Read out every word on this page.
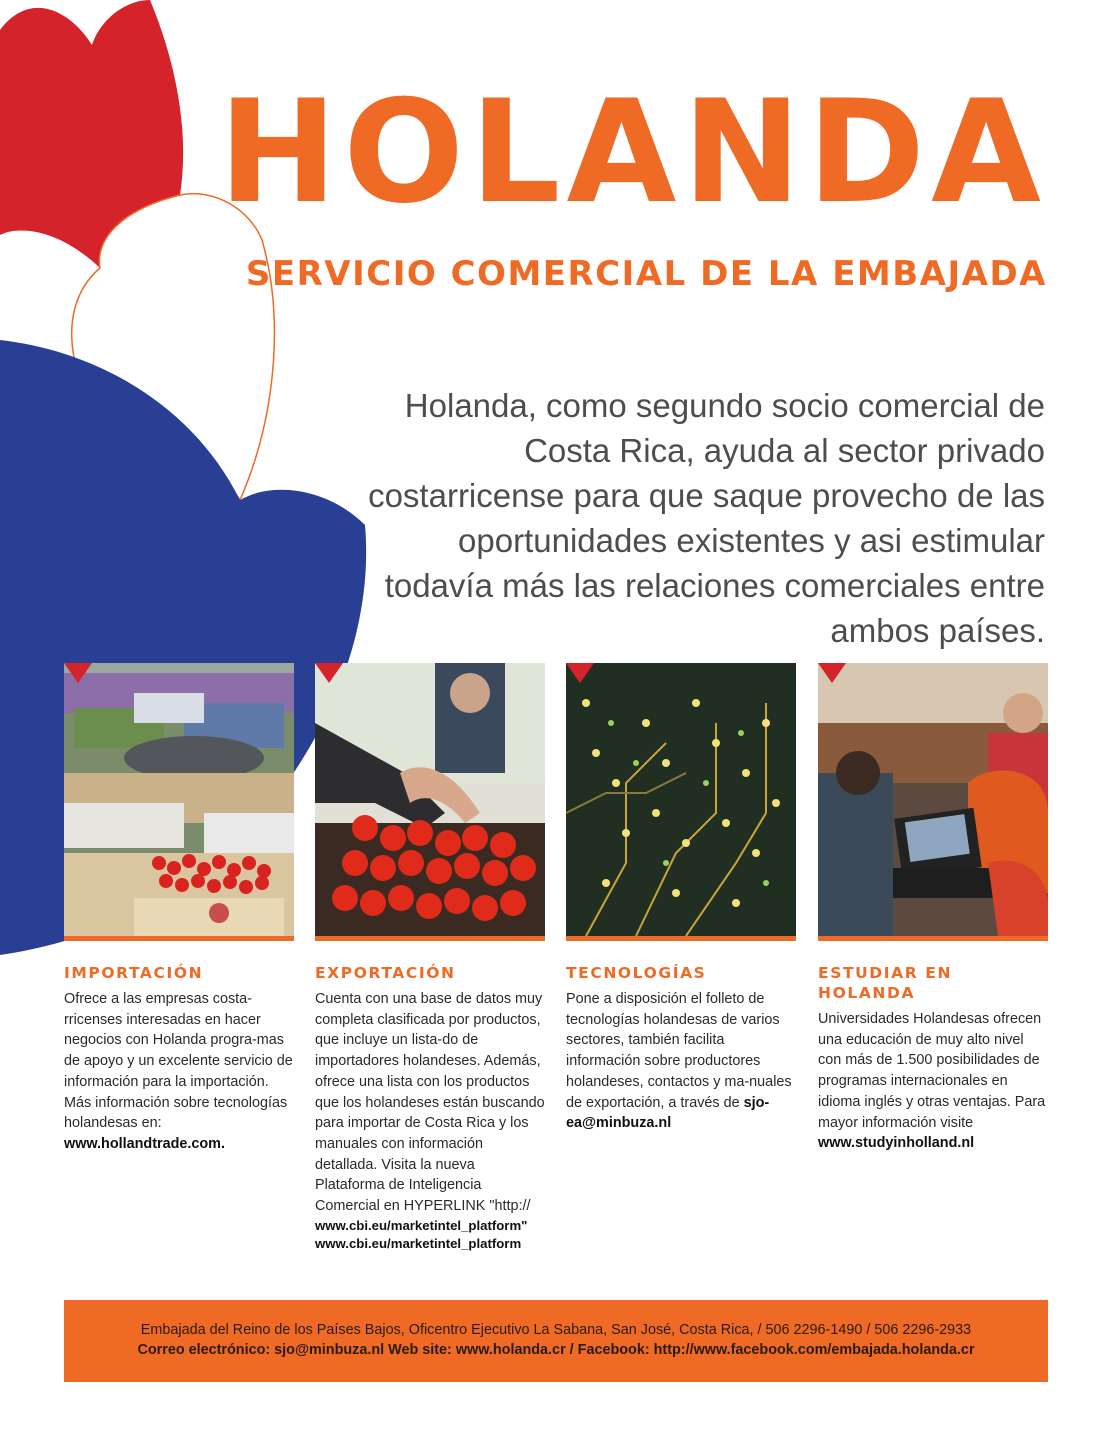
HOLANDA
SERVICIO COMERCIAL DE LA EMBAJADA

Holanda, como segundo socio comercial de Costa Rica, ayuda al sector privado costarricense para que saque provecho de las oportunidades existentes y asi estimular todavía más las relaciones comerciales entre ambos países.

IMPORTACIÓN

Ofrece a las empresas costa-rricenses interesadas en hacer negocios con Holanda progra-mas de apoyo y un excelente servicio de información para la importación. Más información sobre tecnologías holandesas en: www.hollandtrade.com.

EXPORTACIÓN

Cuenta con una base de datos muy completa clasificada por productos, que incluye un lista-do de importadores holandeses. Además, ofrece una lista con los productos que los holandeses están buscando para importar de Costa Rica y los manuales con información detallada. Visita la nueva Plataforma de Inteligencia Comercial en HYPERLINK "http://

www.cbi.eu/marketintel_platform"
www.cbi.eu/marketintel_platform
TECNOLOGÍAS

Pone a disposición el folleto de tecnologías holandesas de varios sectores, también facilita información sobre productores holandeses, contactos y ma-nuales de exportación, a través de sjo-ea@minbuza.nl

ESTUDIAR EN HOLANDA

Universidades Holandesas ofrecen una educación de muy alto nivel con más de 1.500 posibilidades de programas internacionales en idioma inglés y otras ventajas. Para mayor información visite

www.studyinholland.nl

Embajada del Reino de los Países Bajos, Oficentro Ejecutivo La Sabana, San José, Costa Rica, / 506 2296-1490 / 506 2296-2933
Correo electrónico: sjo@minbuza.nl Web site: www.holanda.cr / Facebook: http://www.facebook.com/embajada.holanda.cr
